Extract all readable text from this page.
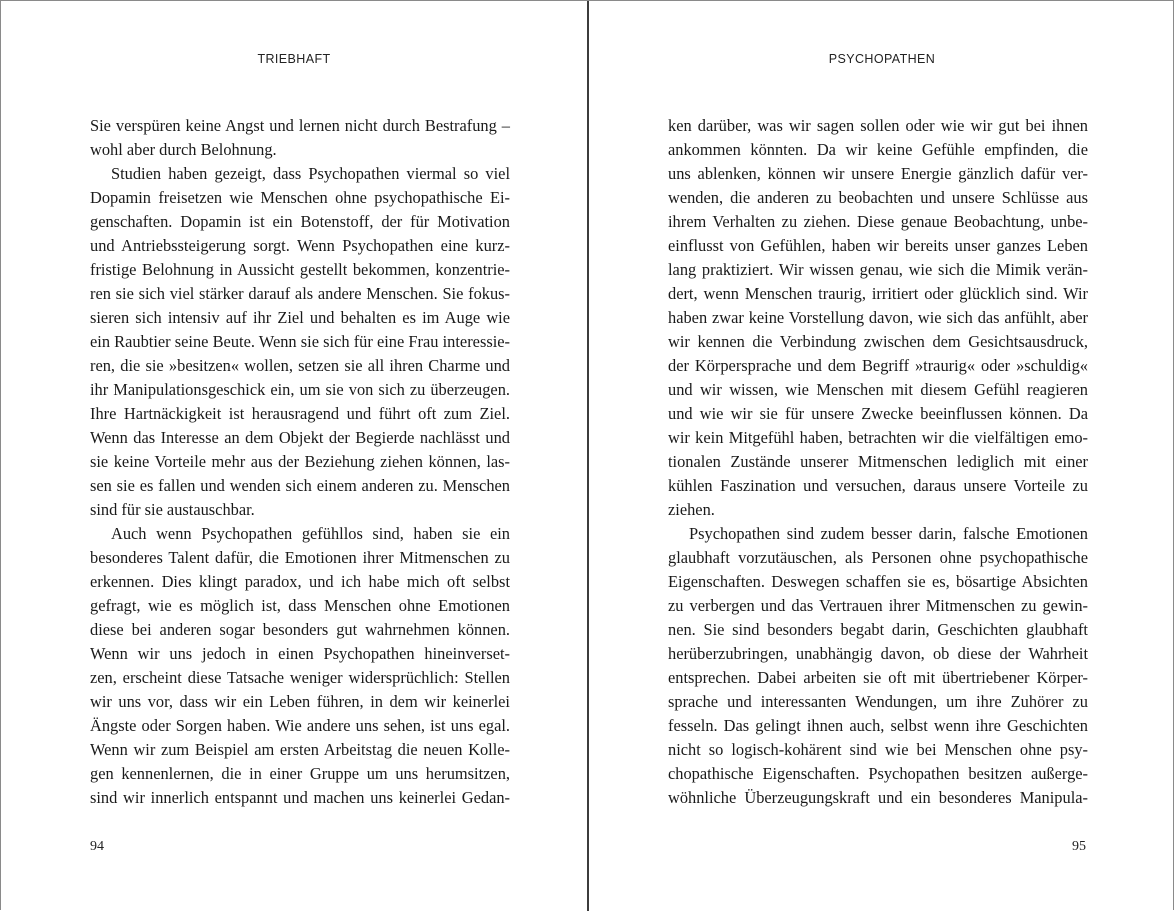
TRIEBHAFT
Sie verspüren keine Angst und lernen nicht durch Bestrafung –
wohl aber durch Belohnung.
Studien haben gezeigt, dass Psychopathen viermal so viel
Dopamin freisetzen wie Menschen ohne psychopathische Ei-
genschaften. Dopamin ist ein Botenstoff, der für Motivation
und Antriebssteigerung sorgt. Wenn Psychopathen eine kurz-
fristige Belohnung in Aussicht gestellt bekommen, konzentrie-
ren sie sich viel stärker darauf als andere Menschen. Sie fokus-
sieren sich intensiv auf ihr Ziel und behalten es im Auge wie
ein Raubtier seine Beute. Wenn sie sich für eine Frau interessie-
ren, die sie »besitzen« wollen, setzen sie all ihren Charme und
ihr Manipulationsgeschick ein, um sie von sich zu überzeugen.
Ihre Hartnäckigkeit ist herausragend und führt oft zum Ziel.
Wenn das Interesse an dem Objekt der Begierde nachlässt und
sie keine Vorteile mehr aus der Beziehung ziehen können, las-
sen sie es fallen und wenden sich einem anderen zu. Menschen
sind für sie austauschbar.
Auch wenn Psychopathen gefühllos sind, haben sie ein
besonderes Talent dafür, die Emotionen ihrer Mitmenschen zu
erkennen. Dies klingt paradox, und ich habe mich oft selbst
gefragt, wie es möglich ist, dass Menschen ohne Emotionen
diese bei anderen sogar besonders gut wahrnehmen können.
Wenn wir uns jedoch in einen Psychopathen hineinverset-
zen, erscheint diese Tatsache weniger widersprüchlich: Stellen
wir uns vor, dass wir ein Leben führen, in dem wir keinerlei
Ängste oder Sorgen haben. Wie andere uns sehen, ist uns egal.
Wenn wir zum Beispiel am ersten Arbeitstag die neuen Kolle-
gen kennenlernen, die in einer Gruppe um uns herumsitzen,
sind wir innerlich entspannt und machen uns keinerlei Gedan-
94
PSYCHOPATHEN
ken darüber, was wir sagen sollen oder wie wir gut bei ihnen
ankommen könnten. Da wir keine Gefühle empfinden, die
uns ablenken, können wir unsere Energie gänzlich dafür ver-
wenden, die anderen zu beobachten und unsere Schlüsse aus
ihrem Verhalten zu ziehen. Diese genaue Beobachtung, unbe-
einflusst von Gefühlen, haben wir bereits unser ganzes Leben
lang praktiziert. Wir wissen genau, wie sich die Mimik verän-
dert, wenn Menschen traurig, irritiert oder glücklich sind. Wir
haben zwar keine Vorstellung davon, wie sich das anfühlt, aber
wir kennen die Verbindung zwischen dem Gesichtsausdruck,
der Körpersprache und dem Begriff »traurig« oder »schuldig«
und wir wissen, wie Menschen mit diesem Gefühl reagieren
und wie wir sie für unsere Zwecke beeinflussen können. Da
wir kein Mitgefühl haben, betrachten wir die vielfältigen emo-
tionalen Zustände unserer Mitmenschen lediglich mit einer
kühlen Faszination und versuchen, daraus unsere Vorteile zu
ziehen.
Psychopathen sind zudem besser darin, falsche Emotionen
glaubhaft vorzutäuschen, als Personen ohne psychopathische
Eigenschaften. Deswegen schaffen sie es, bösartige Absichten
zu verbergen und das Vertrauen ihrer Mitmenschen zu gewin-
nen. Sie sind besonders begabt darin, Geschichten glaubhaft
herüberzubringen, unabhängig davon, ob diese der Wahrheit
entsprechen. Dabei arbeiten sie oft mit übertriebener Körper-
sprache und interessanten Wendungen, um ihre Zuhörer zu
fesseln. Das gelingt ihnen auch, selbst wenn ihre Geschichten
nicht so logisch-kohärent sind wie bei Menschen ohne psy-
chopathische Eigenschaften. Psychopathen besitzen außerge-
wöhnliche Überzeugungskraft und ein besonderes Manipula-
95
